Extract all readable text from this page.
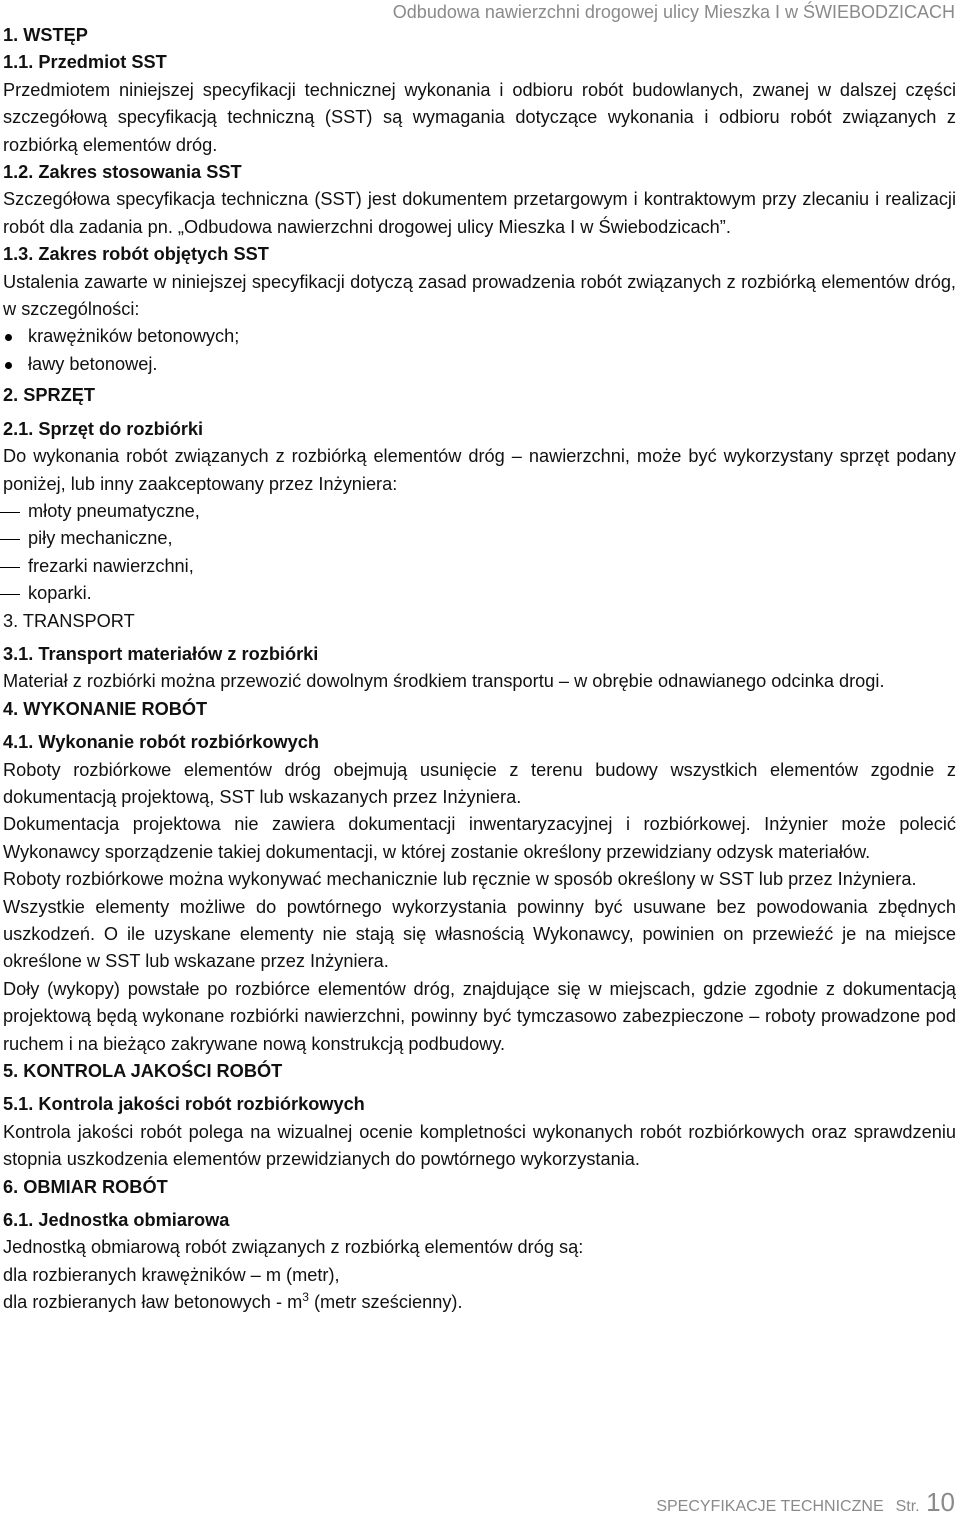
Odbudowa nawierzchni drogowej ulicy Mieszka I w ŚWIEBODZICACH

1. WSTĘP

1.1. Przedmiot SST

Przedmiotem niniejszej specyfikacji technicznej wykonania i odbioru robót budowlanych, zwanej w dalszej części szczegółową specyfikacją techniczną (SST) są wymagania dotyczące wykonania i odbioru robót związanych z rozbiórką elementów dróg.

1.2. Zakres stosowania SST

Szczegółowa specyfikacja techniczna (SST) jest dokumentem przetargowym i kontraktowym przy zlecaniu i realizacji robót dla zadania pn. „Odbudowa nawierzchni drogowej ulicy Mieszka I w Świebodzicach”.

1.3. Zakres robót objętych SST

Ustalenia zawarte w niniejszej specyfikacji dotyczą zasad prowadzenia robót związanych z rozbiórką elementów dróg, w szczególności:

krawężników betonowych;
ławy betonowej.

2. SPRZĘT

2.1. Sprzęt do rozbiórki

Do wykonania robót związanych z rozbiórką elementów dróg – nawierzchni, może być wykorzystany sprzęt podany poniżej, lub inny zaakceptowany przez Inżyniera:

młoty pneumatyczne,
piły mechaniczne,
frezarki nawierzchni,
koparki.

3. TRANSPORT

3.1. Transport materiałów z rozbiórki

Materiał z rozbiórki można przewozić dowolnym środkiem transportu – w obrębie odnawianego odcinka drogi.

4. WYKONANIE ROBÓT

4.1. Wykonanie robót rozbiórkowych

Roboty rozbiórkowe elementów dróg obejmują usunięcie z terenu budowy wszystkich elementów zgodnie z dokumentacją projektową, SST lub wskazanych przez Inżyniera.

Dokumentacja projektowa nie zawiera dokumentacji inwentaryzacyjnej i rozbiórkowej. Inżynier może polecić Wykonawcy sporządzenie takiej dokumentacji, w której zostanie określony przewidziany odzysk materiałów.

Roboty rozbiórkowe można wykonywać mechanicznie lub ręcznie w sposób określony w SST lub przez Inżyniera.

Wszystkie elementy możliwe do powtórnego wykorzystania powinny być usuwane bez powodowania zbędnych uszkodzeń. O ile uzyskane elementy nie stają się własnością Wykonawcy, powinien on przewieźć je na miejsce określone w SST lub wskazane przez Inżyniera.

Doły (wykopy) powstałe po rozbiórce elementów dróg, znajdujące się w miejscach, gdzie zgodnie z dokumentacją projektową będą wykonane rozbiórki nawierzchni, powinny być tymczasowo zabezpieczone – roboty prowadzone pod ruchem i na bieżąco zakrywane nową konstrukcją podbudowy.

5. KONTROLA JAKOŚCI ROBÓT

5.1. Kontrola jakości robót rozbiórkowych

Kontrola jakości robót polega na wizualnej ocenie kompletności wykonanych robót rozbiórkowych oraz sprawdzeniu stopnia uszkodzenia elementów przewidzianych do powtórnego wykorzystania.

6. OBMIAR ROBÓT

6.1. Jednostka obmiarowa

Jednostką obmiarową robót związanych z rozbiórką elementów dróg są:

dla rozbieranych krawężników – m (metr),

dla rozbieranych ław betonowych - $m^3$ (metr sześcienny).

SPECYFIKACJE TECHNICZNE Str. 10
